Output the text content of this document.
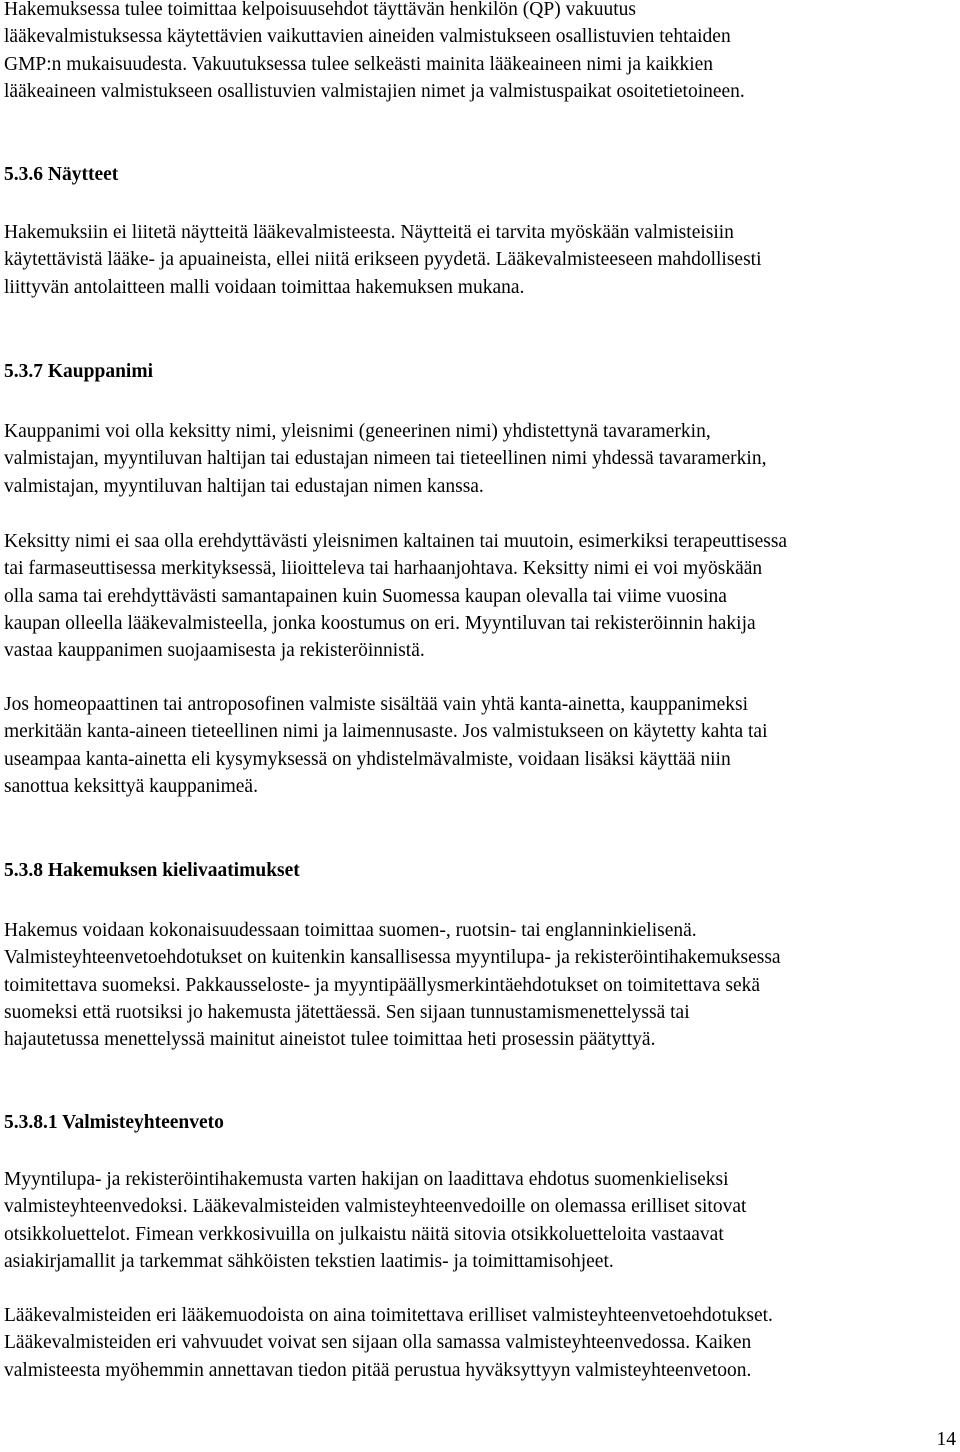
Hakemuksessa tulee toimittaa kelpoisuusehdot täyttävän henkilön (QP) vakuutus
lääkevalmistuksessa käytettävien vaikuttavien aineiden valmistukseen osallistuvien tehtaiden
GMP:n mukaisuudesta. Vakuutuksessa tulee selkeästi mainita lääkeaineen nimi ja kaikkien
lääkeaineen valmistukseen osallistuvien valmistajien nimet ja valmistuspaikat osoitetietoineen.
5.3.6 Näytteet
Hakemuksiin ei liitetä näytteitä lääkevalmisteesta. Näytteitä ei tarvita myöskään valmisteisiin
käytettävistä lääke- ja apuaineista, ellei niitä erikseen pyydetä. Lääkevalmisteeseen mahdollisesti
liittyvän antolaitteen malli voidaan toimittaa hakemuksen mukana.
5.3.7 Kauppanimi
Kauppanimi voi olla keksitty nimi, yleisnimi (geneerinen nimi) yhdistettynä tavaramerkin,
valmistajan, myyntiluvan haltijan tai edustajan nimeen tai tieteellinen nimi yhdessä tavaramerkin,
valmistajan, myyntiluvan haltijan tai edustajan nimen kanssa.
Keksitty nimi ei saa olla erehdyttävästi yleisnimen kaltainen tai muutoin, esimerkiksi terapeuttisessa
tai farmaseuttisessa merkityksessä, liioitteleva tai harhaanjohtava. Keksitty nimi ei voi myöskään
olla sama tai erehdyttävästi samantapainen kuin Suomessa kaupan olevalla tai viime vuosina
kaupan olleella lääkevalmisteella, jonka koostumus on eri. Myyntiluvan tai rekisteröinnin hakija
vastaa kauppanimen suojaamisesta ja rekisteröinnistä.
Jos homeopaattinen tai antroposofinen valmiste sisältää vain yhtä kanta-ainetta, kauppanimeksi
merkitään kanta-aineen tieteellinen nimi ja laimennusaste. Jos valmistukseen on käytetty kahta tai
useampaa kanta-ainetta eli kysymyksessä on yhdistelmävalmiste, voidaan lisäksi käyttää niin
sanottua keksittyä kauppanimeä.
5.3.8 Hakemuksen kielivaatimukset
Hakemus voidaan kokonaisuudessaan toimittaa suomen-, ruotsin- tai englanninkielisenä.
Valmisteyhteenvetoehdotukset on kuitenkin kansallisessa myyntilupa- ja rekisteröintihakemuksessa
toimitettava suomeksi. Pakkausseloste- ja myyntipäällysmerkintäehdotukset on toimitettava sekä
suomeksi että ruotsiksi jo hakemusta jätettäessä. Sen sijaan tunnustamismenettelyssä tai
hajautetussa menettelyssä mainitut aineistot tulee toimittaa heti prosessin päätyttyä.
5.3.8.1 Valmisteyhteenveto
Myyntilupa- ja rekisteröintihakemusta varten hakijan on laadittava ehdotus suomenkieliseksi
valmisteyhteenvedoksi. Lääkevalmisteiden valmisteyhteenvedoille on olemassa erilliset sitovat
otsikkoluettelot. Fimean verkkosivuilla on julkaistu näitä sitovia otsikkoluetteloita vastaavat
asiakirjamallit ja tarkemmat sähköisten tekstien laatimis- ja toimittamisohjeet.
Lääkevalmisteiden eri lääkemuodoista on aina toimitettava erilliset valmisteyhteenvetoehdotukset.
Lääkevalmisteiden eri vahvuudet voivat sen sijaan olla samassa valmisteyhteenvedossa. Kaiken
valmisteesta myöhemmin annettavan tiedon pitää perustua hyväksyttyyn valmisteyhteenvetoon.
14
